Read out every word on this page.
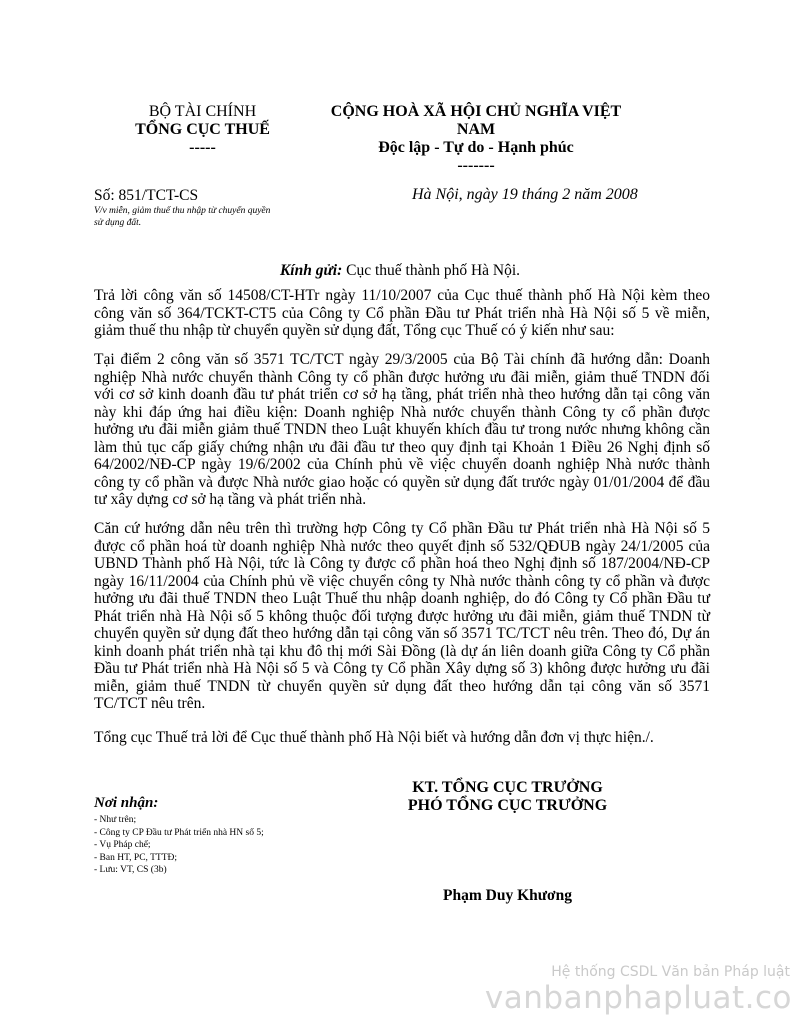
BỘ TÀI CHÍNH
TỔNG CỤC THUẾ
-----
CỘNG HOÀ XÃ HỘI CHỦ NGHĨA VIỆT
NAM
Độc lập - Tự do - Hạnh phúc
-------
Số: 851/TCT-CS
V/v miễn, giảm thuế thu nhập từ chuyển quyền
sử dụng đất.
Hà Nội, ngày 19 tháng 2 năm 2008
Kính gửi: Cục thuế thành phố Hà Nội.
Trả lời công văn số 14508/CT-HTr ngày 11/10/2007 của Cục thuế thành phố Hà Nội kèm theo công văn số 364/TCKT-CT5 của Công ty Cổ phần Đầu tư Phát triển nhà Hà Nội số 5 về miễn, giảm thuế thu nhập từ chuyển quyền sử dụng đất, Tổng cục Thuế có ý kiến như sau:
Tại điểm 2 công văn số 3571 TC/TCT ngày 29/3/2005 của Bộ Tài chính đã hướng dẫn: Doanh nghiệp Nhà nước chuyển thành Công ty cổ phần được hưởng ưu đãi miễn, giảm thuế TNDN đối với cơ sở kinh doanh đầu tư phát triển cơ sở hạ tầng, phát triển nhà theo hướng dẫn tại công văn này khi đáp ứng hai điều kiện: Doanh nghiệp Nhà nước chuyển thành Công ty cổ phần được hưởng ưu đãi miễn giảm thuế TNDN theo Luật khuyến khích đầu tư trong nước nhưng không cần làm thủ tục cấp giấy chứng nhận ưu đãi đầu tư theo quy định tại Khoản 1 Điều 26 Nghị định số 64/2002/NĐ-CP ngày 19/6/2002 của Chính phủ về việc chuyển doanh nghiệp Nhà nước thành công ty cổ phần và được Nhà nước giao hoặc có quyền sử dụng đất trước ngày 01/01/2004 để đầu tư xây dựng cơ sở hạ tầng và phát triển nhà.
Căn cứ hướng dẫn nêu trên thì trường hợp Công ty Cổ phần Đầu tư Phát triển nhà Hà Nội số 5 được cổ phần hoá từ doanh nghiệp Nhà nước theo quyết định số 532/QĐUB ngày 24/1/2005 của UBND Thành phố Hà Nội, tức là Công ty được cổ phần hoá theo Nghị định số 187/2004/NĐ-CP ngày 16/11/2004 của Chính phủ về việc chuyển công ty Nhà nước thành công ty cổ phần và được hưởng ưu đãi thuế TNDN theo Luật Thuế thu nhập doanh nghiệp, do đó Công ty Cổ phần Đầu tư Phát triển nhà Hà Nội số 5 không thuộc đối tượng được hưởng ưu đãi miễn, giảm thuế TNDN từ chuyển quyền sử dụng đất theo hướng dẫn tại công văn số 3571 TC/TCT nêu trên. Theo đó, Dự án kinh doanh phát triển nhà tại khu đô thị mới Sài Đồng (là dự án liên doanh giữa Công ty Cổ phần Đầu tư Phát triển nhà Hà Nội số 5 và Công ty Cổ phần Xây dựng số 3) không được hưởng ưu đãi miễn, giảm thuế TNDN từ chuyển quyền sử dụng đất theo hướng dẫn tại công văn số 3571 TC/TCT nêu trên.
Tổng cục Thuế trả lời để Cục thuế thành phố Hà Nội biết và hướng dẫn đơn vị thực hiện./.
Nơi nhận:
- Như trên;
- Công ty CP Đầu tư Phát triển nhà HN số 5;
- Vụ Pháp chế;
- Ban HT, PC, TTTĐ;
- Lưu: VT, CS (3b)
KT. TỔNG CỤC TRƯỞNG
PHÓ TỔNG CỤC TRƯỞNG
Phạm Duy Khương
Hệ thống CSDL Văn bản Pháp luật
vanbanphapluat.co
